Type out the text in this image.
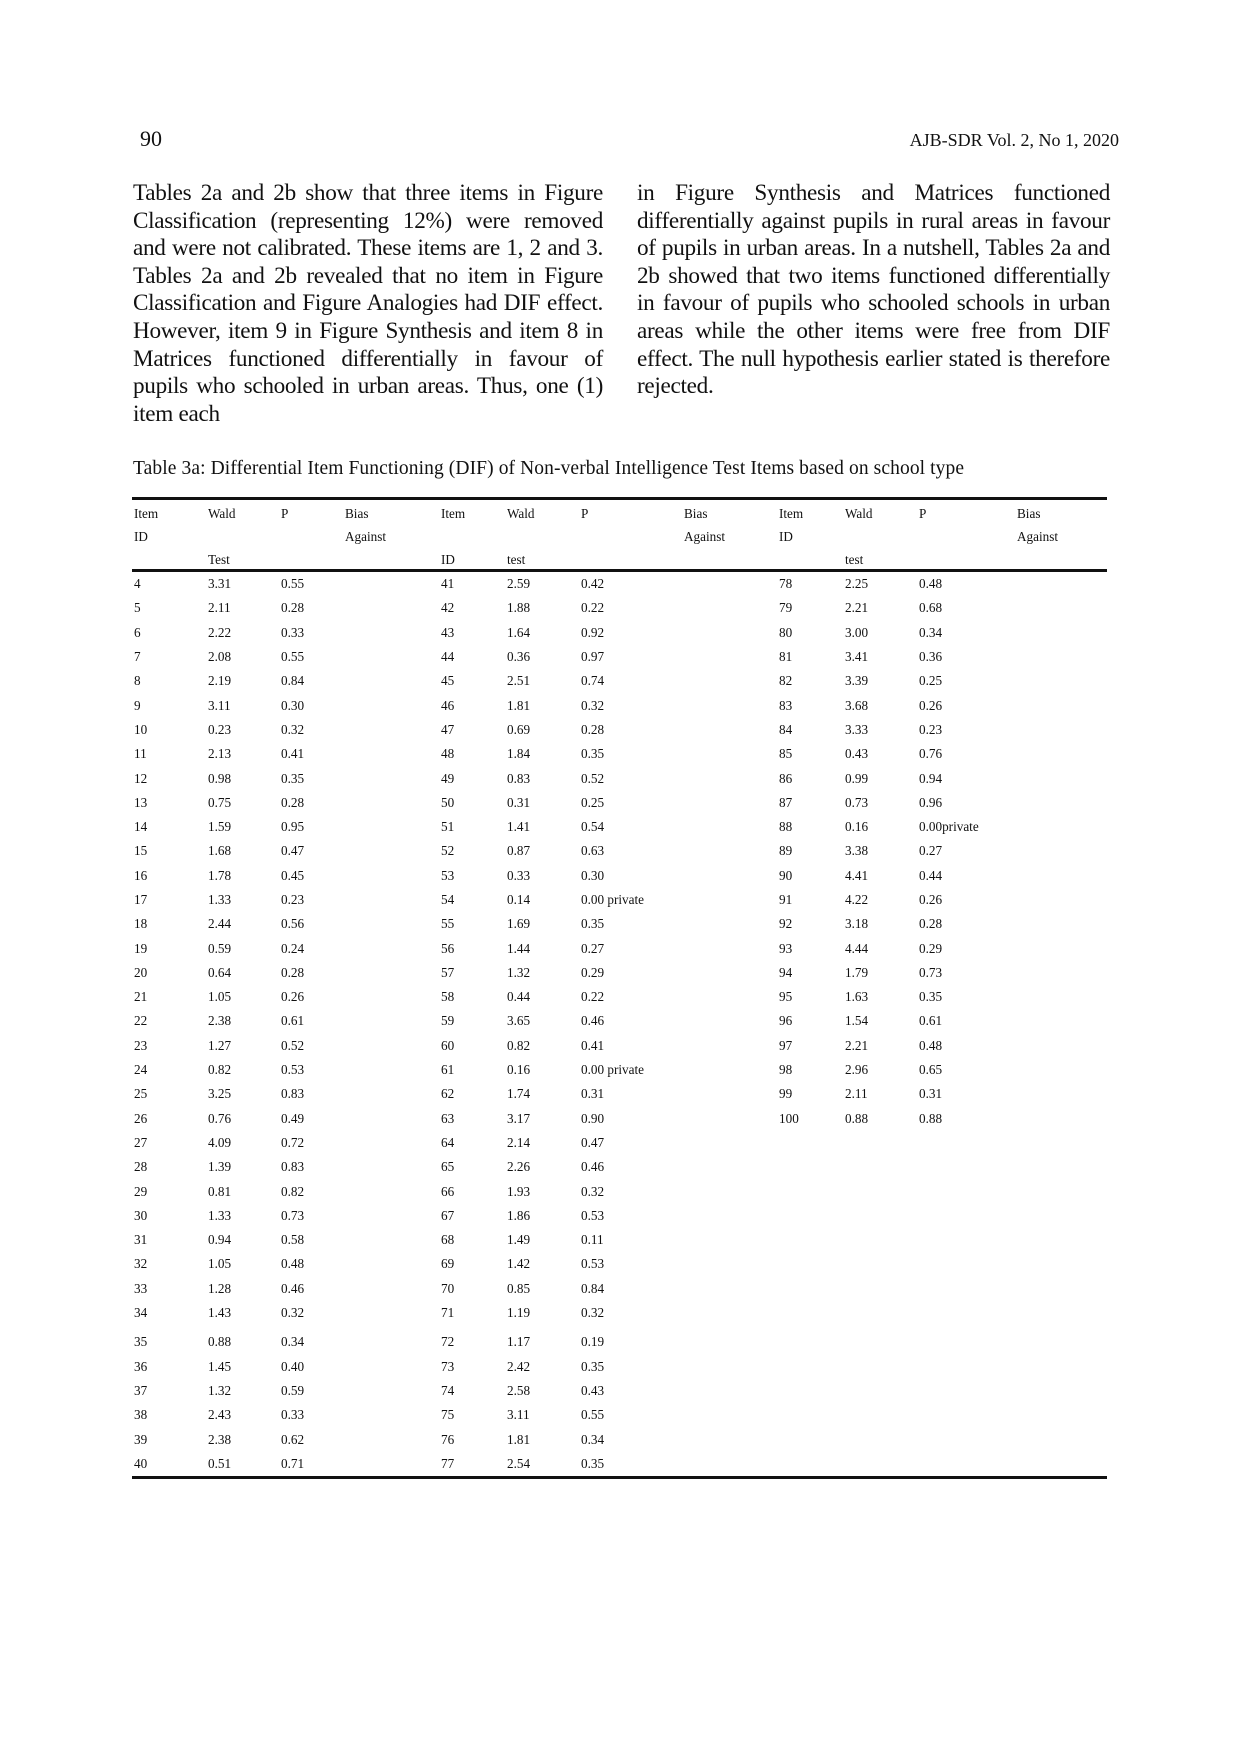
90	AJB-SDR Vol. 2, No 1, 2020
Tables 2a and 2b show that three items in Figure Classification (representing 12%) were removed and were not calibrated. These items are 1, 2 and 3. Tables 2a and 2b revealed that no item in Figure Classification and Figure Analogies had DIF effect. However, item 9 in Figure Synthesis and item 8 in Matrices functioned differentially in favour of pupils who schooled in urban areas. Thus, one (1) item each
in Figure Synthesis and Matrices functioned differentially against pupils in rural areas in favour of pupils in urban areas. In a nutshell, Tables 2a and 2b showed that two items functioned differentially in favour of pupils who schooled schools in urban areas while the other items were free from DIF effect. The null hypothesis earlier stated is therefore rejected.
Table 3a: Differential Item Functioning (DIF) of Non-verbal Intelligence Test Items based on school type
Item	Wald	P	Bias	Item	Wald	P	Bias	Item	Wald	P	Bias
ID			Against				Against	ID			Against
	Test			ID	test				test		
4	3.31	0.55		41	2.59	0.42		78	2.25	0.48	
5	2.11	0.28		42	1.88	0.22		79	2.21	0.68	
6	2.22	0.33		43	1.64	0.92		80	3.00	0.34	
7	2.08	0.55		44	0.36	0.97		81	3.41	0.36	
8	2.19	0.84		45	2.51	0.74		82	3.39	0.25	
9	3.11	0.30		46	1.81	0.32		83	3.68	0.26	
10	0.23	0.32		47	0.69	0.28		84	3.33	0.23	
11	2.13	0.41		48	1.84	0.35		85	0.43	0.76	
12	0.98	0.35		49	0.83	0.52		86	0.99	0.94	
13	0.75	0.28		50	0.31	0.25		87	0.73	0.96	
14	1.59	0.95		51	1.41	0.54		88	0.16	0.00private	
15	1.68	0.47		52	0.87	0.63		89	3.38	0.27	
16	1.78	0.45		53	0.33	0.30		90	4.41	0.44	
17	1.33	0.23		54	0.14	0.00 private		91	4.22	0.26	
18	2.44	0.56		55	1.69	0.35		92	3.18	0.28	
19	0.59	0.24		56	1.44	0.27		93	4.44	0.29	
20	0.64	0.28		57	1.32	0.29		94	1.79	0.73	
21	1.05	0.26		58	0.44	0.22		95	1.63	0.35	
22	2.38	0.61		59	3.65	0.46		96	1.54	0.61	
23	1.27	0.52		60	0.82	0.41		97	2.21	0.48	
24	0.82	0.53		61	0.16	0.00 private		98	2.96	0.65	
25	3.25	0.83		62	1.74	0.31		99	2.11	0.31	
26	0.76	0.49		63	3.17	0.90		100	0.88	0.88	
27	4.09	0.72		64	2.14	0.47					
28	1.39	0.83		65	2.26	0.46					
29	0.81	0.82		66	1.93	0.32					
30	1.33	0.73		67	1.86	0.53					
31	0.94	0.58		68	1.49	0.11					
32	1.05	0.48		69	1.42	0.53					
33	1.28	0.46		70	0.85	0.84					
34	1.43	0.32		71	1.19	0.32					
35	0.88	0.34		72	1.17	0.19					
36	1.45	0.40		73	2.42	0.35					
37	1.32	0.59		74	2.58	0.43					
38	2.43	0.33		75	3.11	0.55					
39	2.38	0.62		76	1.81	0.34					
40	0.51	0.71		77	2.54	0.35					
